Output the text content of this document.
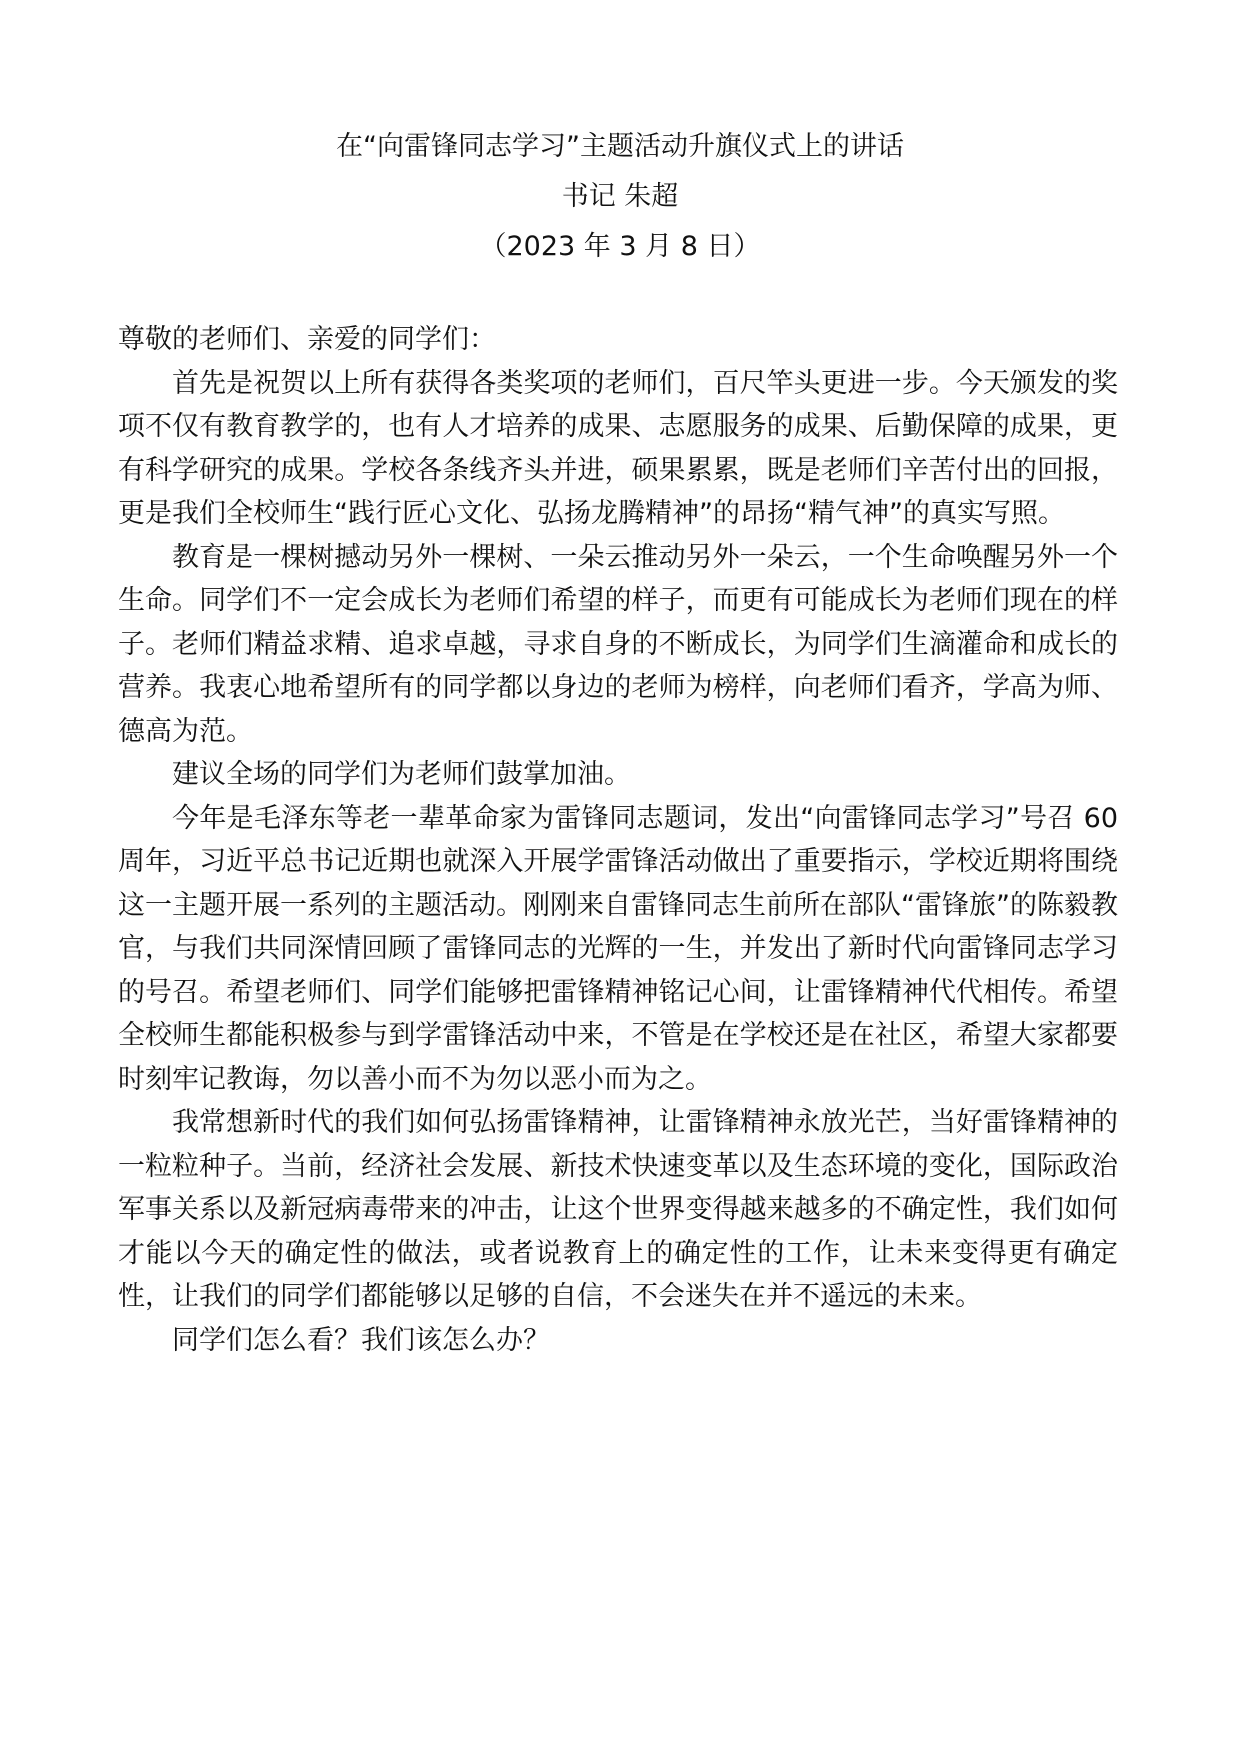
在“向雷锋同志学习”主题活动升旗仪式上的讲话
书记 朱超
（2023 年 3 月 8 日）

尊敬的老师们、亲爱的同学们：

首先是祝贺以上所有获得各类奖项的老师们，百尺竿头更进一步。今天颁发的奖项不仅有教育教学的，也有人才培养的成果、志愿服务的成果、后勤保障的成果，更有科学研究的成果。学校各条线齐头并进，硕果累累，既是老师们辛苦付出的回报，更是我们全校师生“践行匠心文化、弘扬龙腾精神”的昂扬“精气神”的真实写照。

教育是一棵树撼动另外一棵树、一朵云推动另外一朵云，一个生命唤醒另外一个生命。同学们不一定会成长为老师们希望的样子，而更有可能成长为老师们现在的样子。老师们精益求精、追求卓越，寻求自身的不断成长，为同学们生滴灌命和成长的营养。我衷心地希望所有的同学都以身边的老师为榜样，向老师们看齐，学高为师、德高为范。

建议全场的同学们为老师们鼓掌加油。

今年是毛泽东等老一辈革命家为雷锋同志题词，发出“向雷锋同志学习”号召 60 周年，习近平总书记近期也就深入开展学雷锋活动做出了重要指示，学校近期将围绕这一主题开展一系列的主题活动。刚刚来自雷锋同志生前所在部队“雷锋旅”的陈毅教官，与我们共同深情回顾了雷锋同志的光辉的一生，并发出了新时代向雷锋同志学习的号召。希望老师们、同学们能够把雷锋精神铭记心间，让雷锋精神代代相传。希望全校师生都能积极参与到学雷锋活动中来，不管是在学校还是在社区，希望大家都要时刻牢记教诲，勿以善小而不为勿以恶小而为之。

我常想新时代的我们如何弘扬雷锋精神，让雷锋精神永放光芒，当好雷锋精神的一粒粒种子。当前，经济社会发展、新技术快速变革以及生态环境的变化，国际政治军事关系以及新冠病毒带来的冲击，让这个世界变得越来越多的不确定性，我们如何才能以今天的确定性的做法，或者说教育上的确定性的工作，让未来变得更有确定性，让我们的同学们都能够以足够的自信，不会迷失在并不遥远的未来。

同学们怎么看？我们该怎么办？
